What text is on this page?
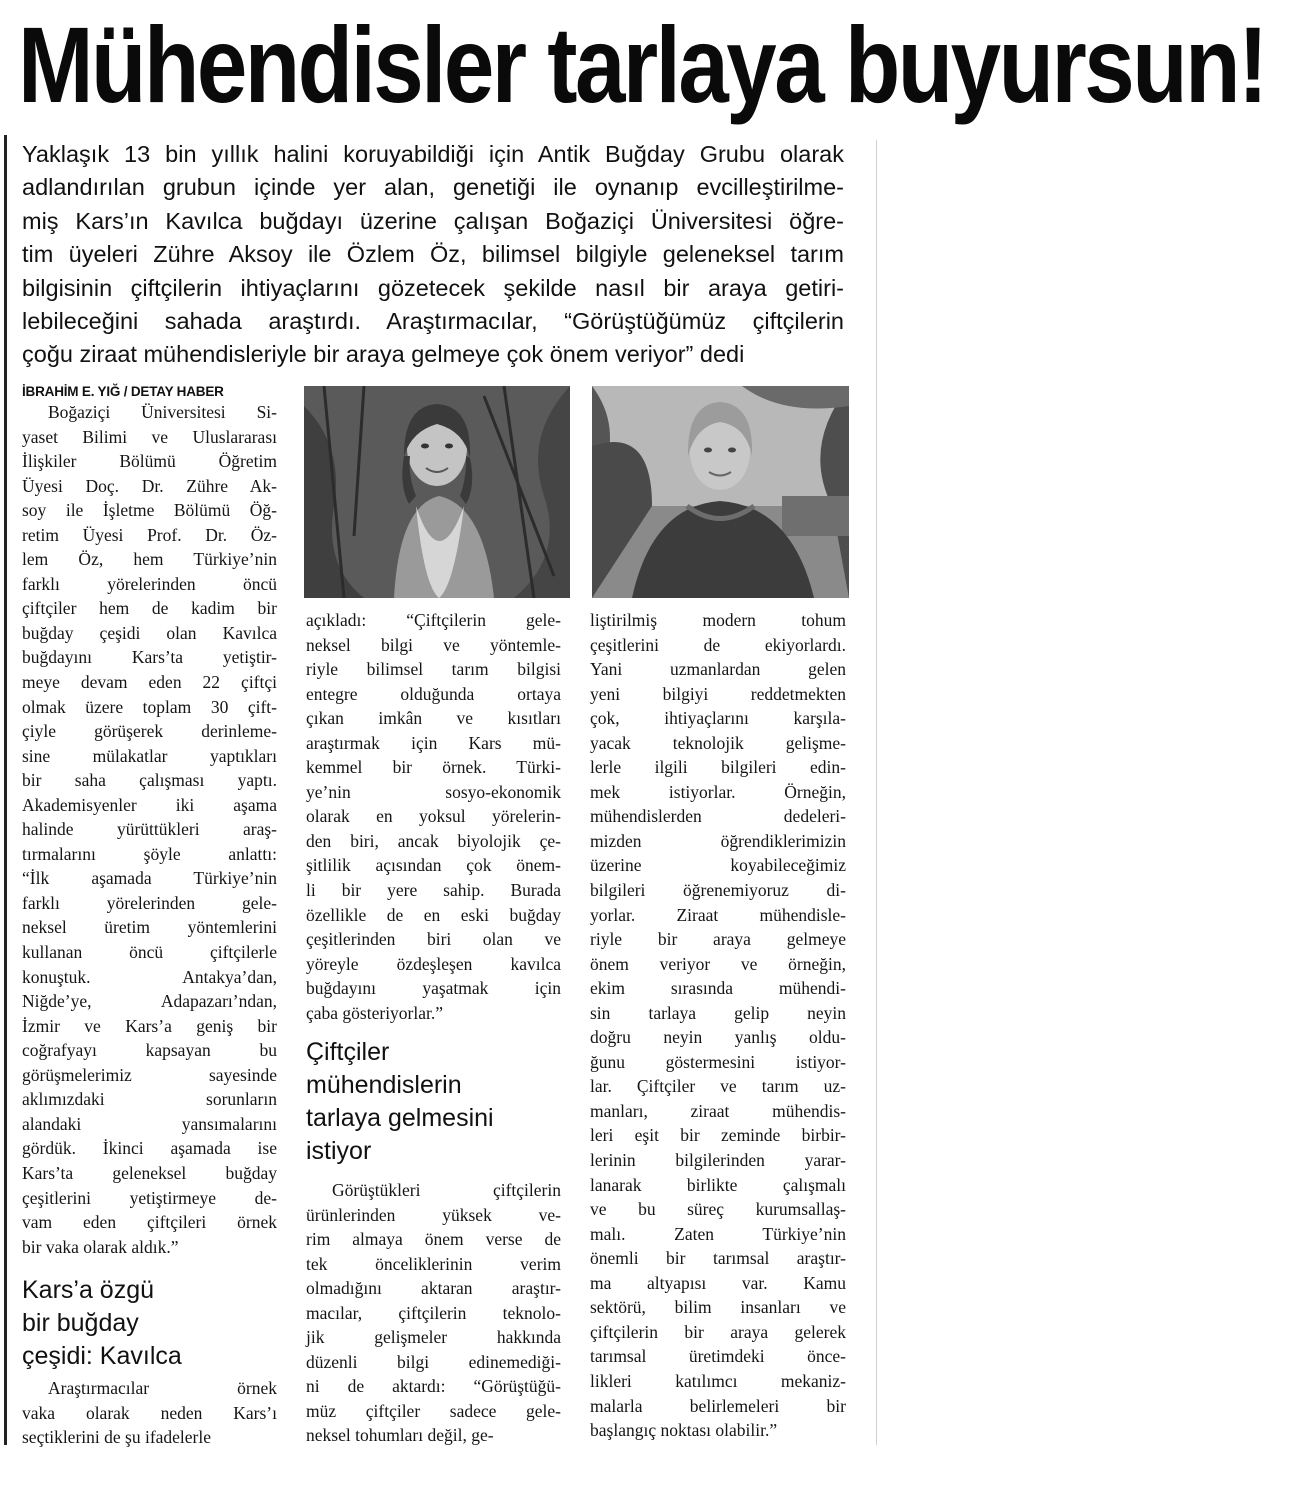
Mühendisler tarlaya buyursun!
Yaklaşık 13 bin yıllık halini koruyabildiği için Antik Buğday Grubu olarak
adlandırılan grubun içinde yer alan, genetiği ile oynanıp evcilleştirilme-
miş Kars’ın Kavılca buğdayı üzerine çalışan Boğaziçi Üniversitesi öğre-
tim üyeleri Zühre Aksoy ile Özlem Öz, bilimsel bilgiyle geleneksel tarım
bilgisinin çiftçilerin ihtiyaçlarını gözetecek şekilde nasıl bir araya getiri-
lebileceğini sahada araştırdı. Araştırmacılar, “Görüştüğümüz çiftçilerin
çoğu ziraat mühendisleriyle bir araya gelmeye çok önem veriyor” dedi
İBRAHİM E. YIĞ / DETAY HABER
Boğaziçi Üniversitesi Si-
yaset Bilimi ve Uluslararası
İlişkiler Bölümü Öğretim
Üyesi Doç. Dr. Zühre Ak-
soy ile İşletme Bölümü Öğ-
retim Üyesi Prof. Dr. Öz-
lem Öz, hem Türkiye’nin
farklı yörelerinden öncü
çiftçiler hem de kadim bir
buğday çeşidi olan Kavılca
buğdayını Kars’ta yetiştir-
meye devam eden 22 çiftçi
olmak üzere toplam 30 çift-
çiyle görüşerek derinleme-
sine mülakatlar yaptıkları
bir saha çalışması yaptı.
Akademisyenler iki aşama
halinde yürüttükleri araş-
tırmalarını şöyle anlattı:
“İlk aşamada Türkiye’nin
farklı yörelerinden gele-
neksel üretim yöntemlerini
kullanan öncü çiftçilerle
konuştuk. Antakya’dan,
Niğde’ye, Adapazarı’ndan,
İzmir ve Kars’a geniş bir
coğrafyayı kapsayan bu
görüşmelerimiz sayesinde
aklımızdaki sorunların
alandaki yansımalarını
gördük. İkinci aşamada ise
Kars’ta geleneksel buğday
çeşitlerini yetiştirmeye de-
vam eden çiftçileri örnek
bir vaka olarak aldık.”
Araştırmacılar örnek
vaka olarak neden Kars’ı
seçtiklerini de şu ifadelerle
Kars’a özgü
bir buğday
çeşidi: Kavılca
açıkladı: “Çiftçilerin gele-
neksel bilgi ve yöntemle-
riyle bilimsel tarım bilgisi
entegre olduğunda ortaya
çıkan imkân ve kısıtları
araştırmak için Kars mü-
kemmel bir örnek. Türki-
ye’nin sosyo-ekonomik
olarak en yoksul yörelerin-
den biri, ancak biyolojik çe-
şitlilik açısından çok önem-
li bir yere sahip. Burada
özellikle de en eski buğday
çeşitlerinden biri olan ve
yöreyle özdeşleşen kavılca
buğdayını yaşatmak için
çaba gösteriyorlar.”
Çiftçiler
mühendislerin
tarlaya gelmesini
istiyor
Görüştükleri çiftçilerin
ürünlerinden yüksek ve-
rim almaya önem verse de
tek önceliklerinin verim
olmadığını aktaran araştır-
macılar, çiftçilerin teknolo-
jik gelişmeler hakkında
düzenli bilgi edinemediği-
ni de aktardı: “Görüştüğü-
müz çiftçiler sadece gele-
neksel tohumları değil, ge-
liştirilmiş modern tohum
çeşitlerini de ekiyorlardı.
Yani uzmanlardan gelen
yeni bilgiyi reddetmekten
çok, ihtiyaçlarını karşıla-
yacak teknolojik gelişme-
lerle ilgili bilgileri edin-
mek istiyorlar. Örneğin,
mühendislerden dedeleri-
mizden öğrendiklerimizin
üzerine koyabileceğimiz
bilgileri öğrenemiyoruz di-
yorlar. Ziraat mühendisle-
riyle bir araya gelmeye
önem veriyor ve örneğin,
ekim sırasında mühendi-
sin tarlaya gelip neyin
doğru neyin yanlış oldu-
ğunu göstermesini istiyor-
lar. Çiftçiler ve tarım uz-
manları, ziraat mühendis-
leri eşit bir zeminde birbir-
lerinin bilgilerinden yarar-
lanarak birlikte çalışmalı
ve bu süreç kurumsallaş-
malı. Zaten Türkiye’nin
önemli bir tarımsal araştır-
ma altyapısı var. Kamu
sektörü, bilim insanları ve
çiftçilerin bir araya gelerek
tarımsal üretimdeki önce-
likleri katılımcı mekaniz-
malarla belirlemeleri bir
başlangıç noktası olabilir.”
